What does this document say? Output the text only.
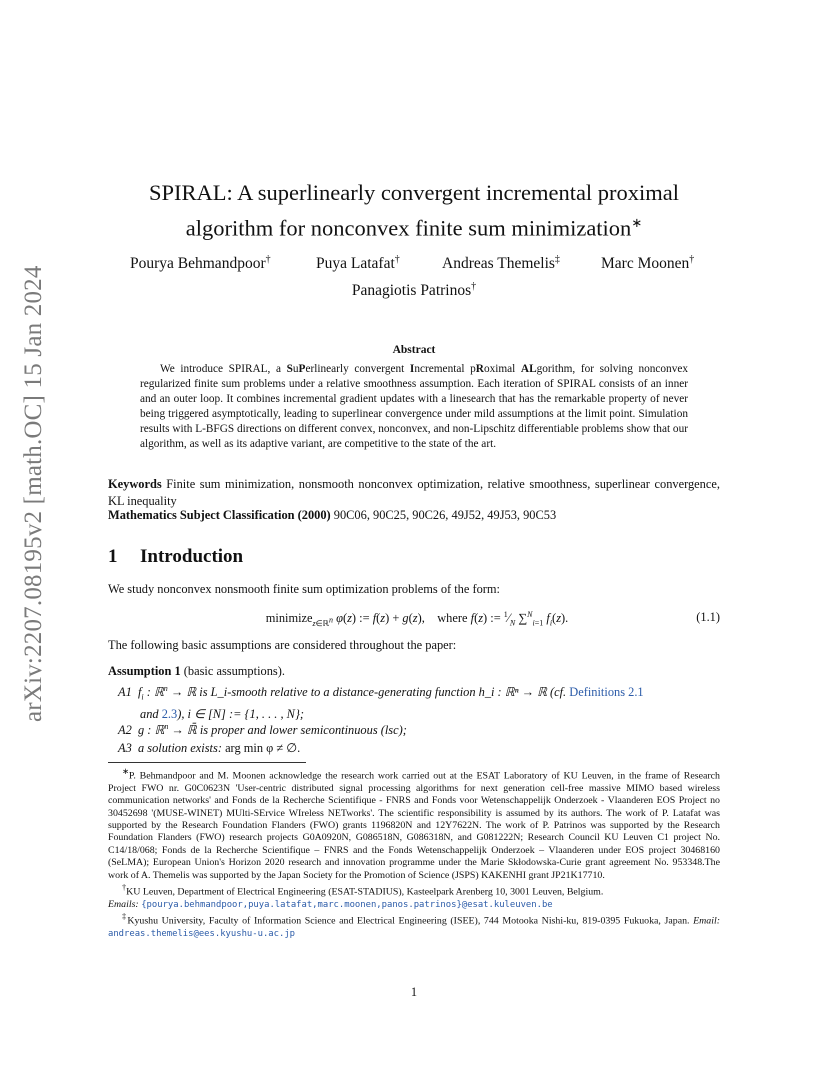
arXiv:2207.08195v2 [math.OC] 15 Jan 2024
SPIRAL: A superlinearly convergent incremental proximal
algorithm for nonconvex finite sum minimization∗
Pourya Behmandpoor†	Puya Latafat†	Andreas Themelis‡	Marc Moonen†
Panagiotis Patrinos†
Abstract
We introduce SPIRAL, a SuPerlinearly convergent Incremental pRoximal ALgorithm, for solving nonconvex regularized finite sum problems under a relative smoothness assumption. Each iteration of SPIRAL consists of an inner and an outer loop. It combines incremental gradient updates with a linesearch that has the remarkable property of never being triggered asymptotically, leading to superlinear convergence under mild assumptions at the limit point. Simulation results with L-BFGS directions on different convex, nonconvex, and non-Lipschitz differentiable problems show that our algorithm, as well as its adaptive variant, are competitive to the state of the art.
Keywords Finite sum minimization, nonsmooth nonconvex optimization, relative smoothness, superlinear convergence, KL inequality
Mathematics Subject Classification (2000) 90C06, 90C25, 90C26, 49J52, 49J53, 90C53
1 Introduction
We study nonconvex nonsmooth finite sum optimization problems of the form:
minimize$_{z\in ℝ^n}$ φ(z) := f(z) + g(z),    where f(z) := $^1⁄_N$ ∑$^N_{i=1}$ $f_i(z)$.	(1.1)
The following basic assumptions are considered throughout the paper:
Assumption 1 (basic assumptions).
A1 $f_i$ : ℝ$^n$ → ℝ is L_i-smooth relative to a distance-generating function h_i : ℝⁿ → ℝ (cf. Definitions 2.1
and 2.3), i ∈ [N] := {1, . . . , N};
A2 g : ℝ$^n$ → ℝ̄ is proper and lower semicontinuous (lsc);
A3 a solution exists: arg min φ ≠ ∅.

∗P. Behmandpoor and M. Moonen acknowledge the research work carried out at the ESAT Laboratory of KU Leuven, in the frame of Research Project FWO nr. G0C0623N 'User-centric distributed signal processing algorithms for next generation cell-free massive MIMO based wireless communication networks' and Fonds de la Recherche Scientifique - FNRS and Fonds voor Wetenschappelijk Onderzoek - Vlaanderen EOS Project no 30452698 '(MUSE-WINET) MUlti-SErvice WIreless NETworks'. The scientific responsibility is assumed by its authors. The work of P. Latafat was supported by the Research Foundation Flanders (FWO) grants 1196820N and 12Y7622N. The work of P. Patrinos was supported by the Research Foundation Flanders (FWO) research projects G0A0920N, G086518N, G086318N, and G081222N; Research Council KU Leuven C1 project No. C14/18/068; Fonds de la Recherche Scientifique – FNRS and the Fonds Wetenschappelijk Onderzoek – Vlaanderen under EOS project 30468160 (SeLMA); European Union's Horizon 2020 research and innovation programme under the Marie Skłodowska-Curie grant agreement No. 953348.The work of A. Themelis was supported by the Japan Society for the Promotion of Science (JSPS) KAKENHI grant JP21K17710.

†KU Leuven, Department of Electrical Engineering (ESAT-STADIUS), Kasteelpark Arenberg 10, 3001 Leuven, Belgium.
Emails: {pourya.behmandpoor,puya.latafat,marc.moonen,panos.patrinos}@esat.kuleuven.be

‡Kyushu University, Faculty of Information Science and Electrical Engineering (ISEE), 744 Motooka Nishi-ku, 819-0395 Fukuoka, Japan. Email: andreas.themelis@ees.kyushu-u.ac.jp

1
